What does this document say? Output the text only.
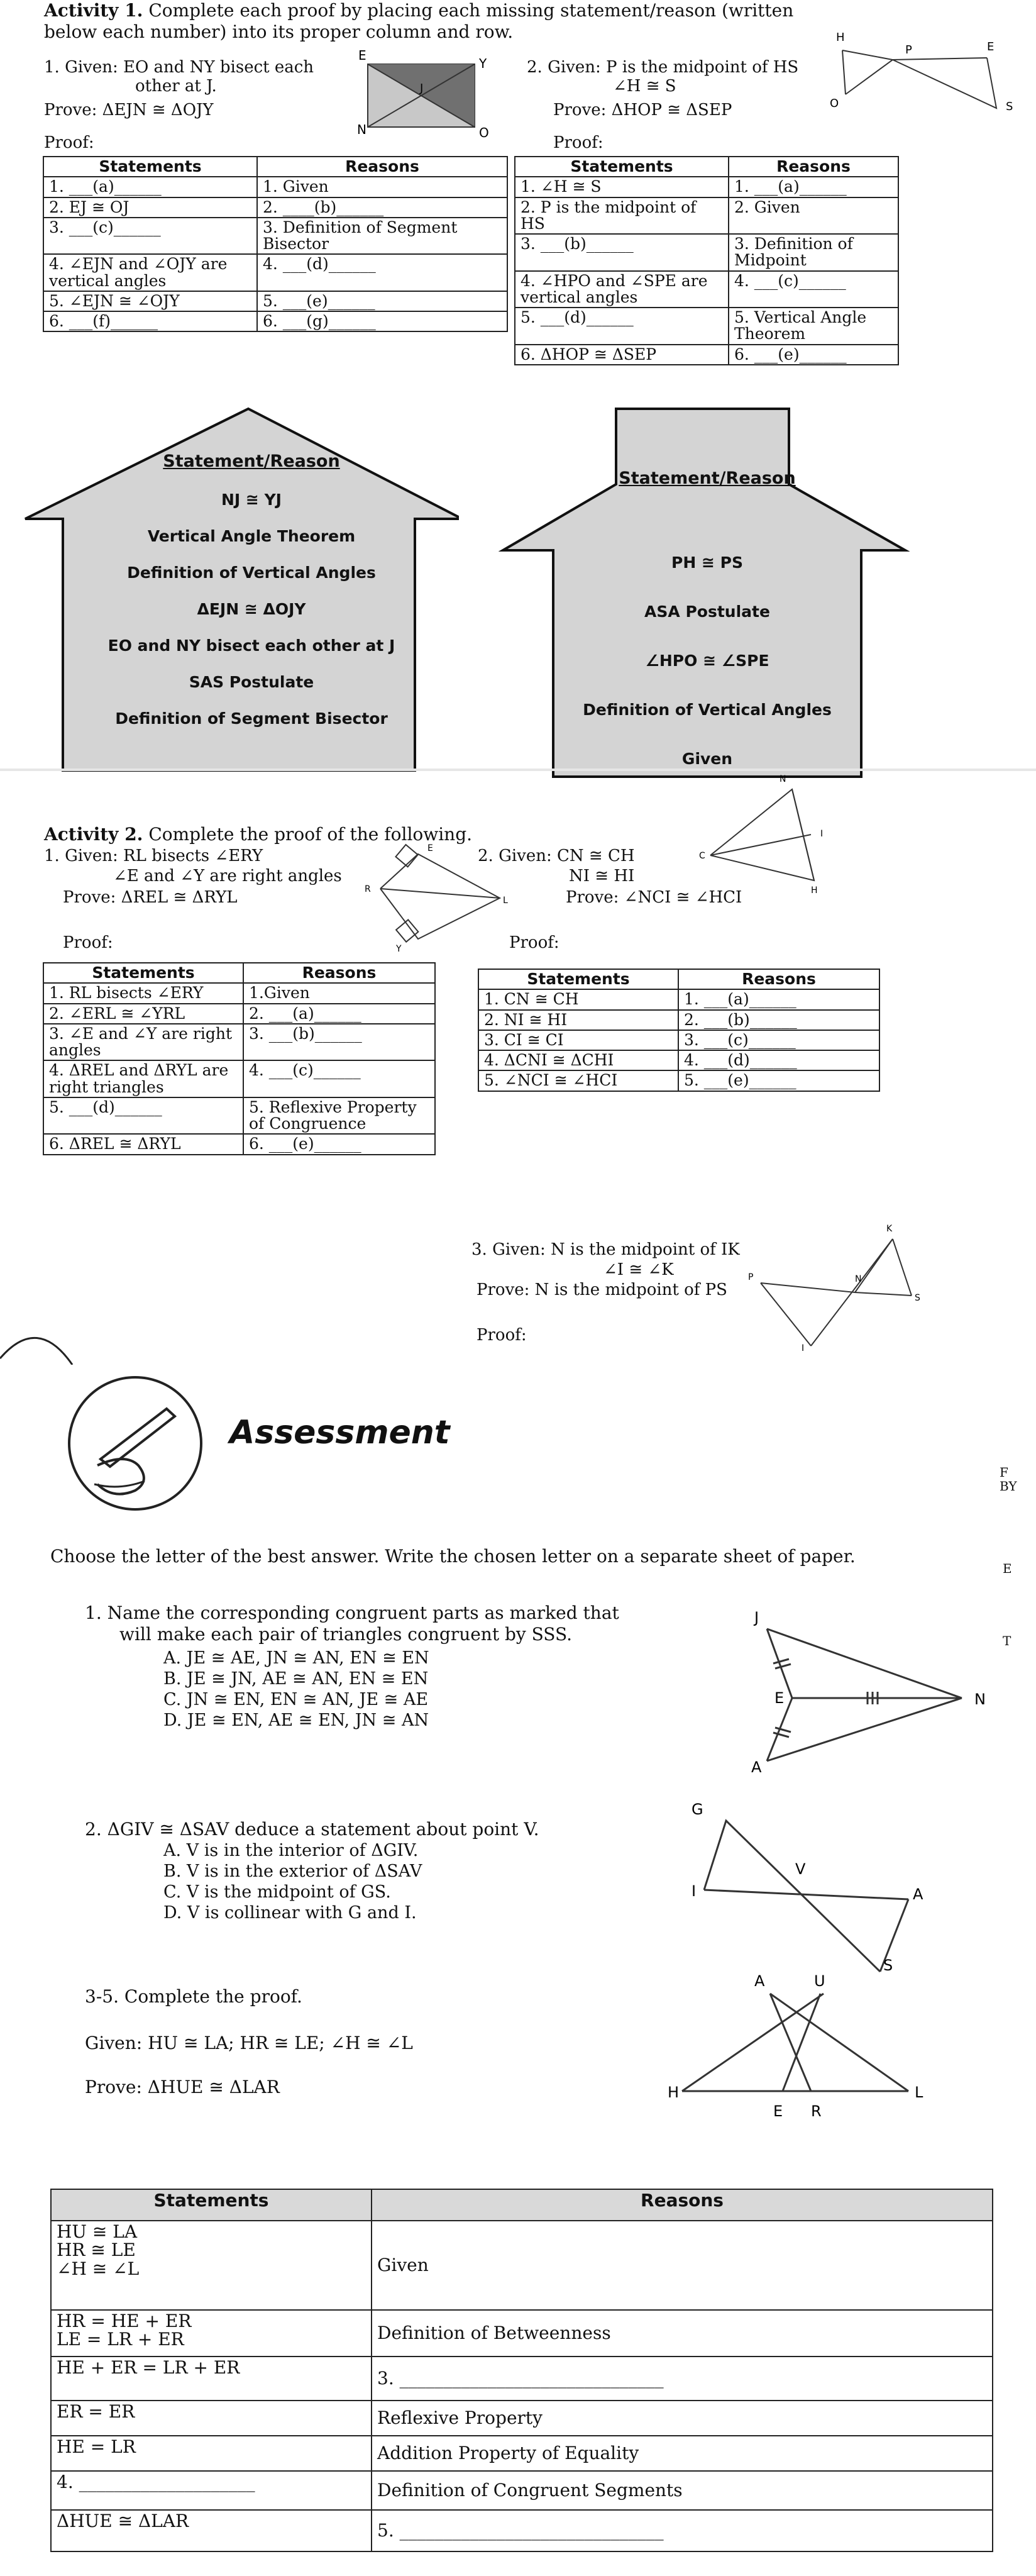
Activity 1. Complete each proof by placing each missing statement/reason (written
below each number) into its proper column and row.
1. Given: EO and NY bisect each
other at J.
Prove: ΔEJN ≅ ΔOJY
Proof:
E
Y
J
N	O
Statements	Reasons
1. ___(a)______	1. Given
2. EJ ≅ OJ	2. ____(b)______
3. ___(c)______	3. Definition of Segment Bisector
4. ∠EJN and ∠OJY are vertical angles	4. ___(d)______
5. ∠EJN ≅ ∠OJY	5. ___(e)______
6. ___(f)______	6. ___(g)______
2. Given: P is the midpoint of HS
∠H ≅ S
Prove: ΔHOP ≅ ΔSEP
Proof:
H
P
O
E
S
Statements	Reasons
1. ∠H ≅ S	1. ___(a)______
2. P is the midpoint of HS	2. Given
3. ___(b)______	3. Definition of Midpoint
4. ∠HPO and ∠SPE are vertical angles	4. ___(c)______
5. ___(d)______	5. Vertical Angle Theorem
6. ΔHOP ≅ ΔSEP	6. ___(e)______
Statement/Reason
NJ ≅ YJ
Vertical Angle Theorem
Definition of Vertical Angles
ΔEJN ≅ ΔOJY
EO and NY bisect each other at J
SAS Postulate
Definition of Segment Bisector
Statement/Reason
PH ≅ PS
ASA Postulate
∠HPO ≅ ∠SPE
Definition of Vertical Angles
Given
Activity 2. Complete the proof of the following.
1. Given: RL bisects ∠ERY
∠E and ∠Y are right angles
Prove: ΔREL ≅ ΔRYL
Proof:
E
R
L
Y
Statements	Reasons
1. RL bisects ∠ERY	1.Given
2. ∠ERL ≅ ∠YRL	2. ___(a)______
3. ∠E and ∠Y are right angles	3. ___(b)______
4. ΔREL and ΔRYL are right triangles	4. ___(c)______
5. ___(d)______	5. Reflexive Property of Congruence
6. ΔREL ≅ ΔRYL	6. ___(e)______
2. Given: CN ≅ CH
NI ≅ HI
Prove: ∠NCI ≅ ∠HCI
Proof:
N
I
C
H
Statements	Reasons
1. CN ≅ CH	1. ___(a)______
2. NI ≅ HI	2. ___(b)______
3. CI ≅ CI	3. ___(c)______
4. ΔCNI ≅ ΔCHI	4. ___(d)______
5. ∠NCI ≅ ∠HCI	5. ___(e)______
3. Given: N is the midpoint of IK
∠I ≅ ∠K
Prove: N is the midpoint of PS
Proof:
K
P	N
S
I
Assessment
F
BY
E
T
Choose the letter of the best answer. Write the chosen letter on a separate sheet of paper.
1. Name the corresponding congruent parts as marked that
will make each pair of triangles congruent by SSS.
A. JE ≅ AE, JN ≅ AN, EN ≅ EN
B. JE ≅ JN, AE ≅ AN, EN ≅ EN
C. JN ≅ EN, EN ≅ AN, JE ≅ AE
D. JE ≅ EN, AE ≅ EN, JN ≅ AN
J
E	N
A
2. ΔGIV ≅ ΔSAV deduce a statement about point V.
A. V is in the interior of ΔGIV.
B. V is in the exterior of ΔSAV
C. V is the midpoint of GS.
D. V is collinear with G and I.
G
I
V
A
S
3-5. Complete the proof.
Given: HU ≅ LA; HR ≅ LE; ∠H ≅ ∠L
Prove: ΔHUE ≅ ΔLAR
A	U
H	L
E R
Statements	Reasons

HU ≅ LA
HR ≅ LE
∠H ≅ ∠L	Given

HR = HE + ER
LE = LR + ER	Definition of Betweenness

HE + ER = LR + ER	3. ______________________________

ER = ER	Reflexive Property

HE = LR	Addition Property of Equality

4. ____________________	Definition of Congruent Segments

ΔHUE ≅ ΔLAR	5. ______________________________
